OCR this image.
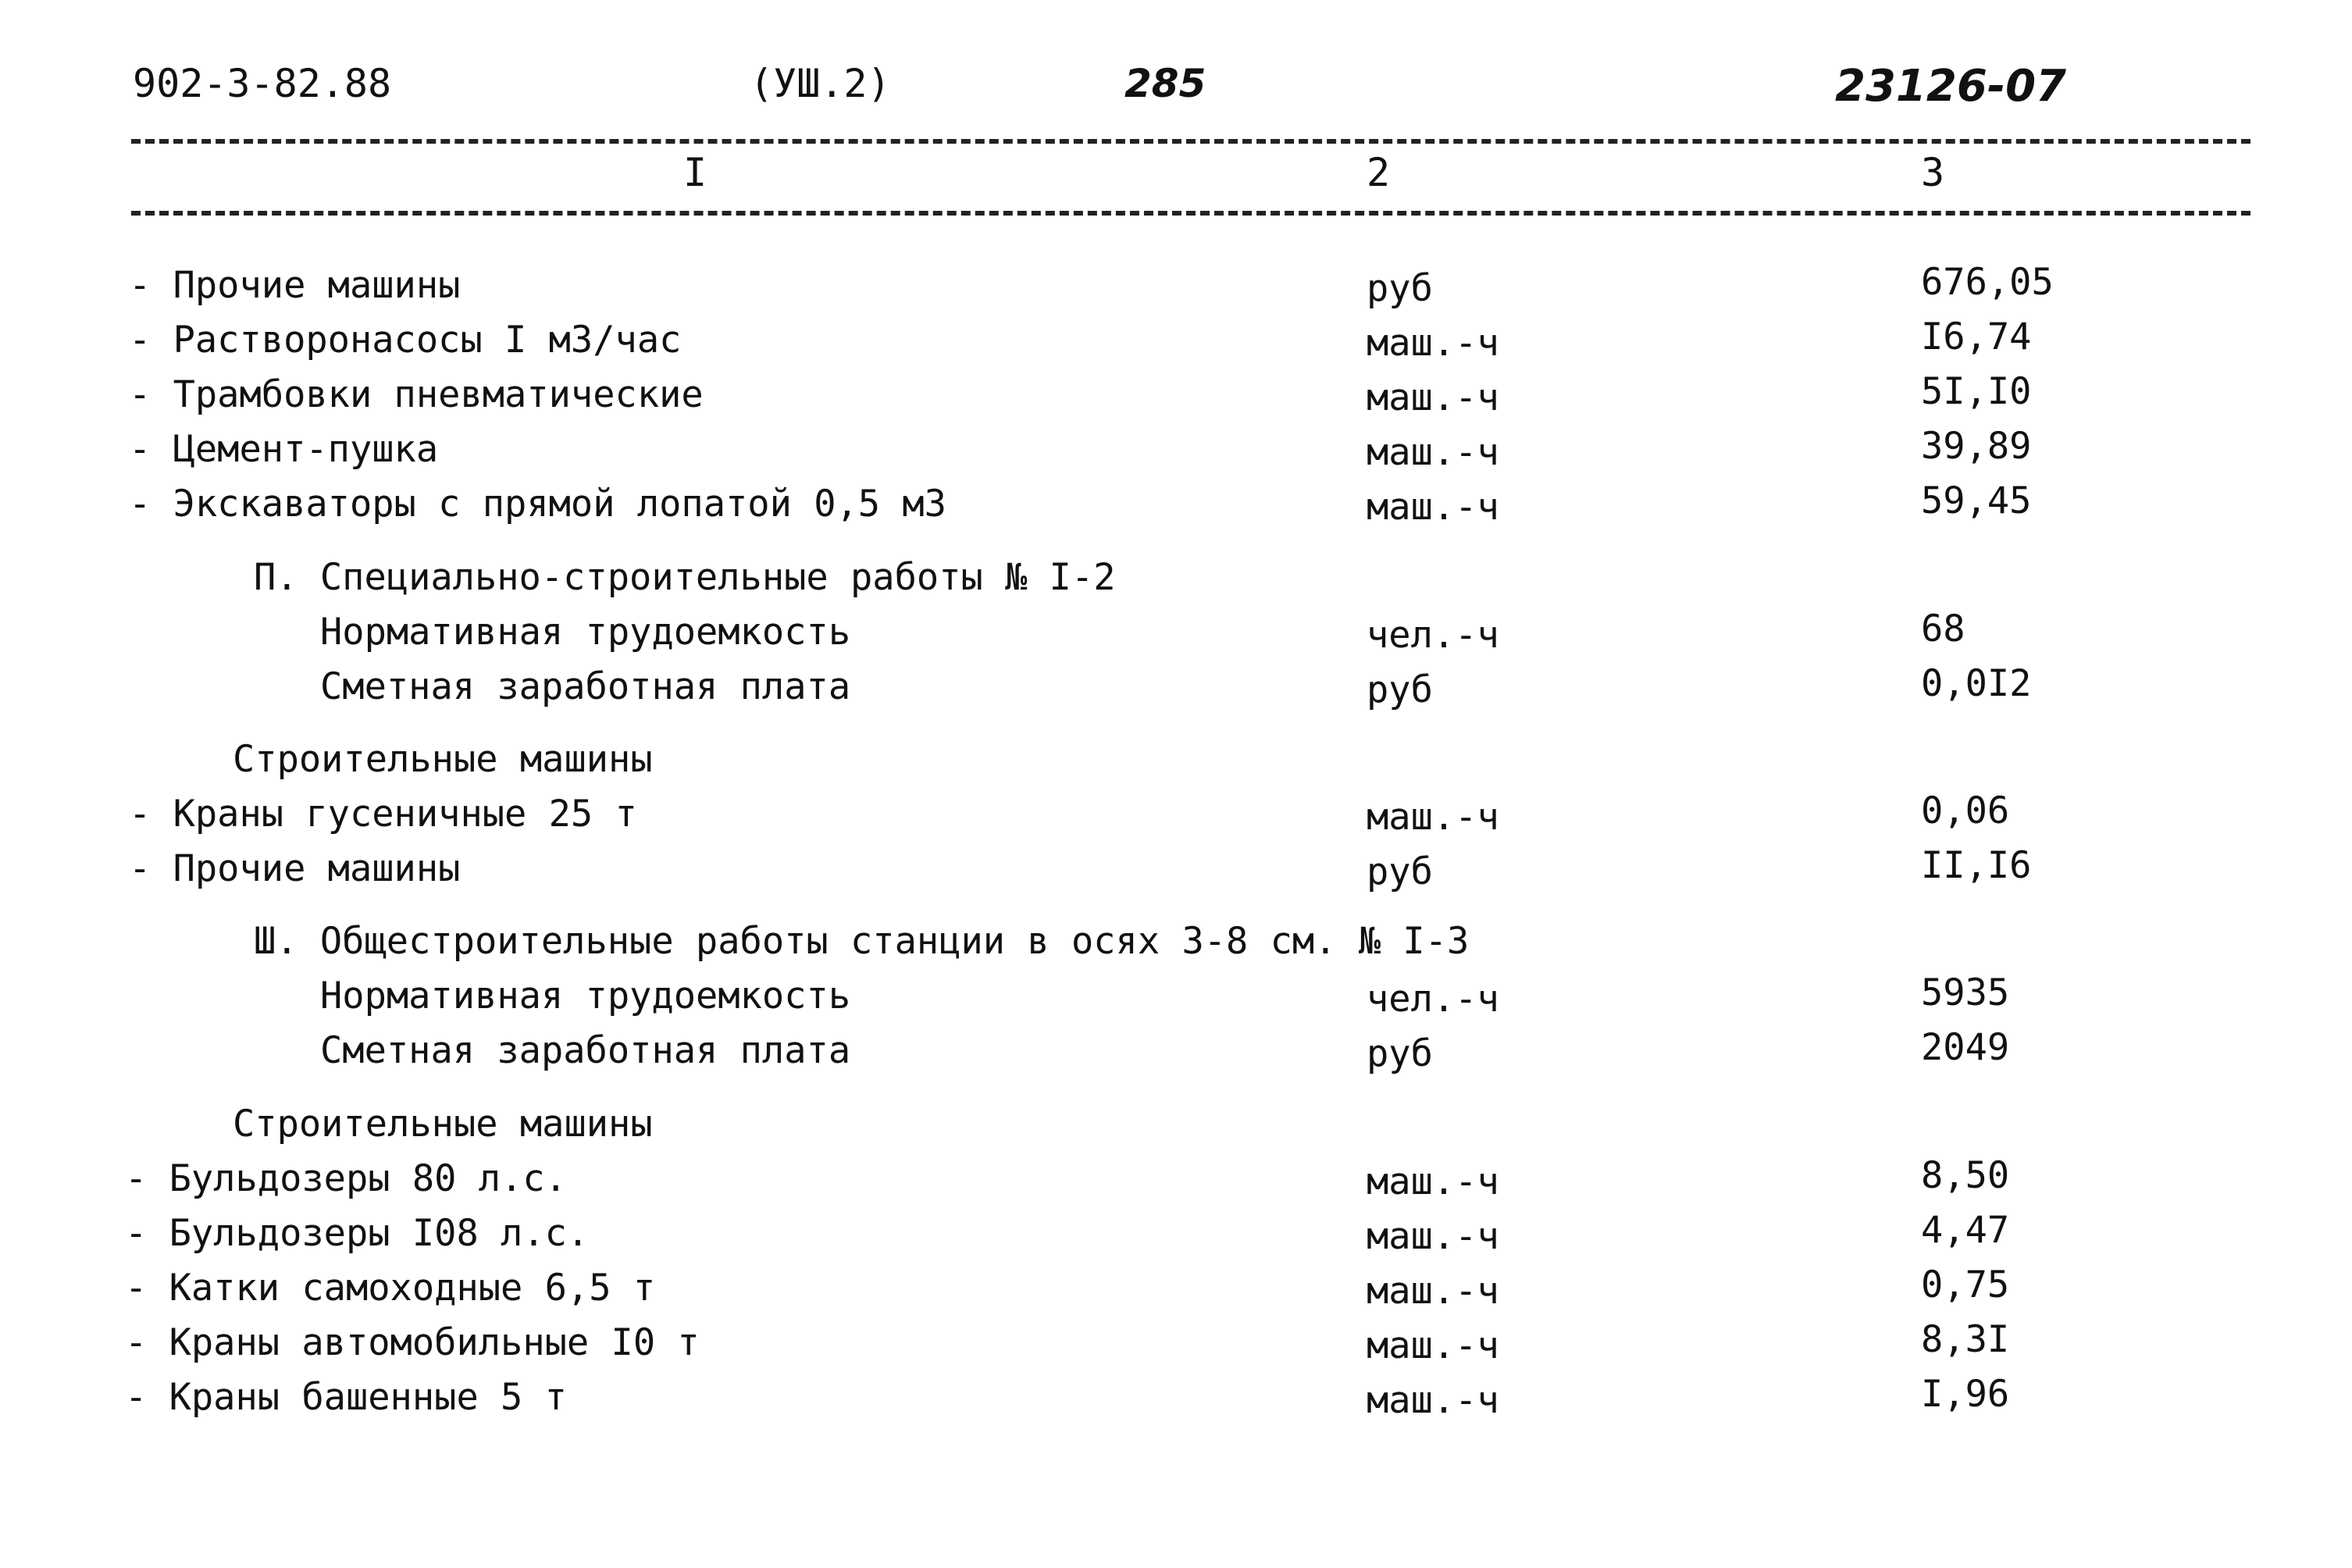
902-3-82.88	(УШ.2)	285	23126-07
I	2	3
- Прочие машины	руб	676,05
- Растворонасосы I м3/час	маш.-ч	I6,74
- Трамбовки пневматические	маш.-ч	5I,I0
- Цемент-пушка	маш.-ч	39,89
- Экскаваторы с прямой лопатой 0,5 м3	маш.-ч	59,45
П. Специально-строительные работы № I-2
Нормативная трудоемкость	чел.-ч	68
Сметная заработная плата	руб	0,0I2
Строительные машины
- Краны гусеничные 25 т	маш.-ч	0,06
- Прочие машины	руб	II,I6
Ш. Общестроительные работы станции в осях 3-8 см. № I-3
Нормативная трудоемкость	чел.-ч	5935
Сметная заработная плата	руб	2049
Строительные машины
- Бульдозеры 80 л.с.	маш.-ч	8,50
- Бульдозеры I08 л.с.	маш.-ч	4,47
- Катки самоходные 6,5 т	маш.-ч	0,75
- Краны автомобильные I0 т	маш.-ч	8,3I
- Краны башенные 5 т	маш.-ч	I,96
